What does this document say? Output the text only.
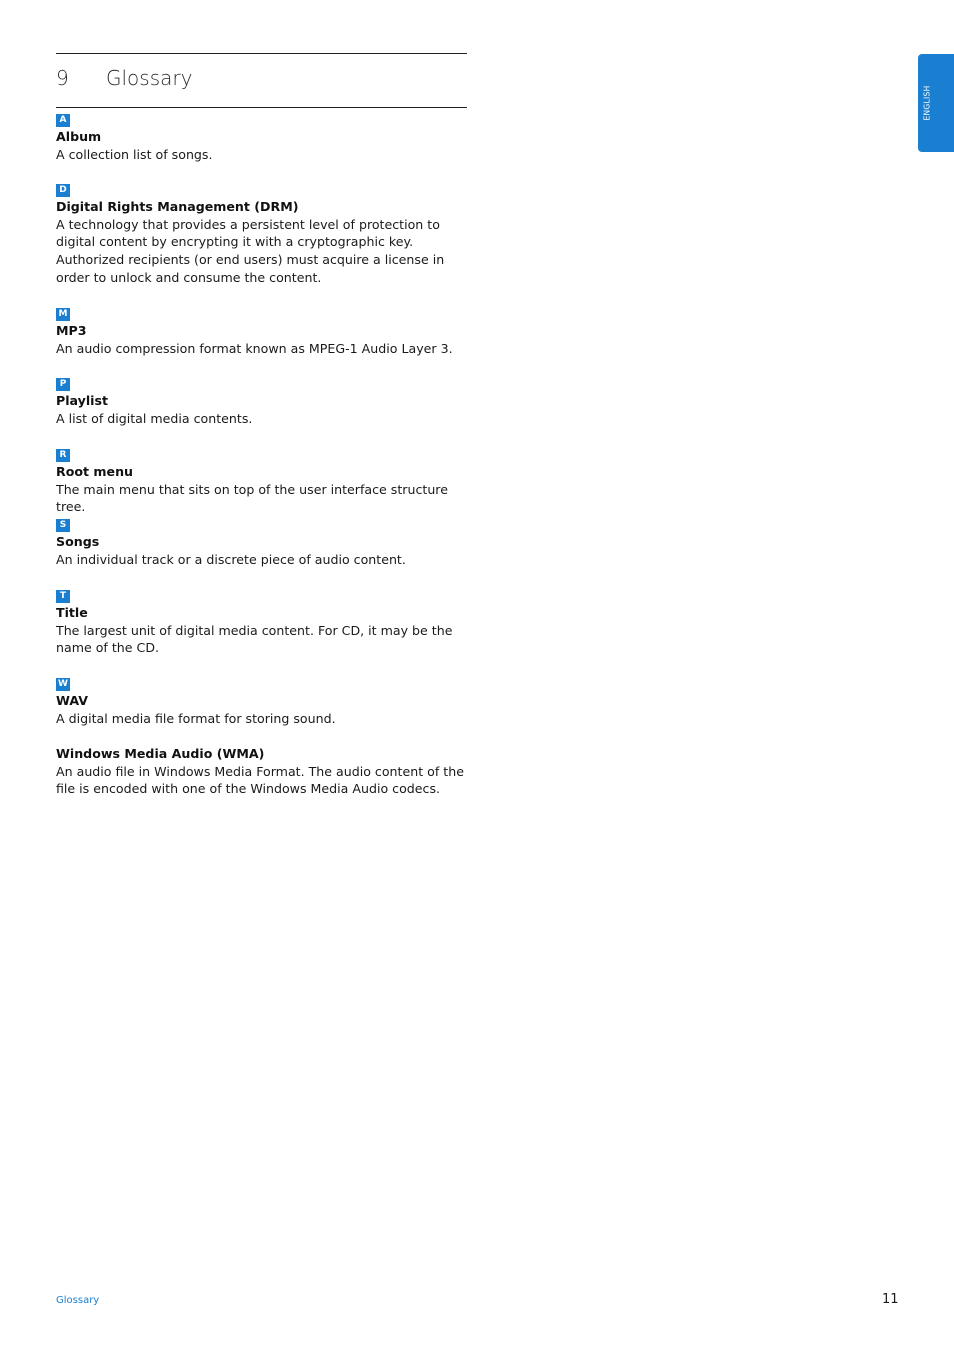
9 Glossary
ENGLISH
A
Album
A collection list of songs.
D
Digital Rights Management (DRM)
A technology that provides a persistent level of protection to digital content by encrypting it with a cryptographic key. Authorized recipients (or end users) must acquire a license in order to unlock and consume the content.
M
MP3
An audio compression format known as MPEG-1 Audio Layer 3.
P
Playlist
A list of digital media contents.
R
Root menu
The main menu that sits on top of the user interface structure tree.
S
Songs
An individual track or a discrete piece of audio content.
T
Title
The largest unit of digital media content. For CD, it may be the name of the CD.
W
WAV
A digital media file format for storing sound.
Windows Media Audio (WMA)
An audio file in Windows Media Format. The audio content of the file is encoded with one of the Windows Media Audio codecs.
Glossary	11
